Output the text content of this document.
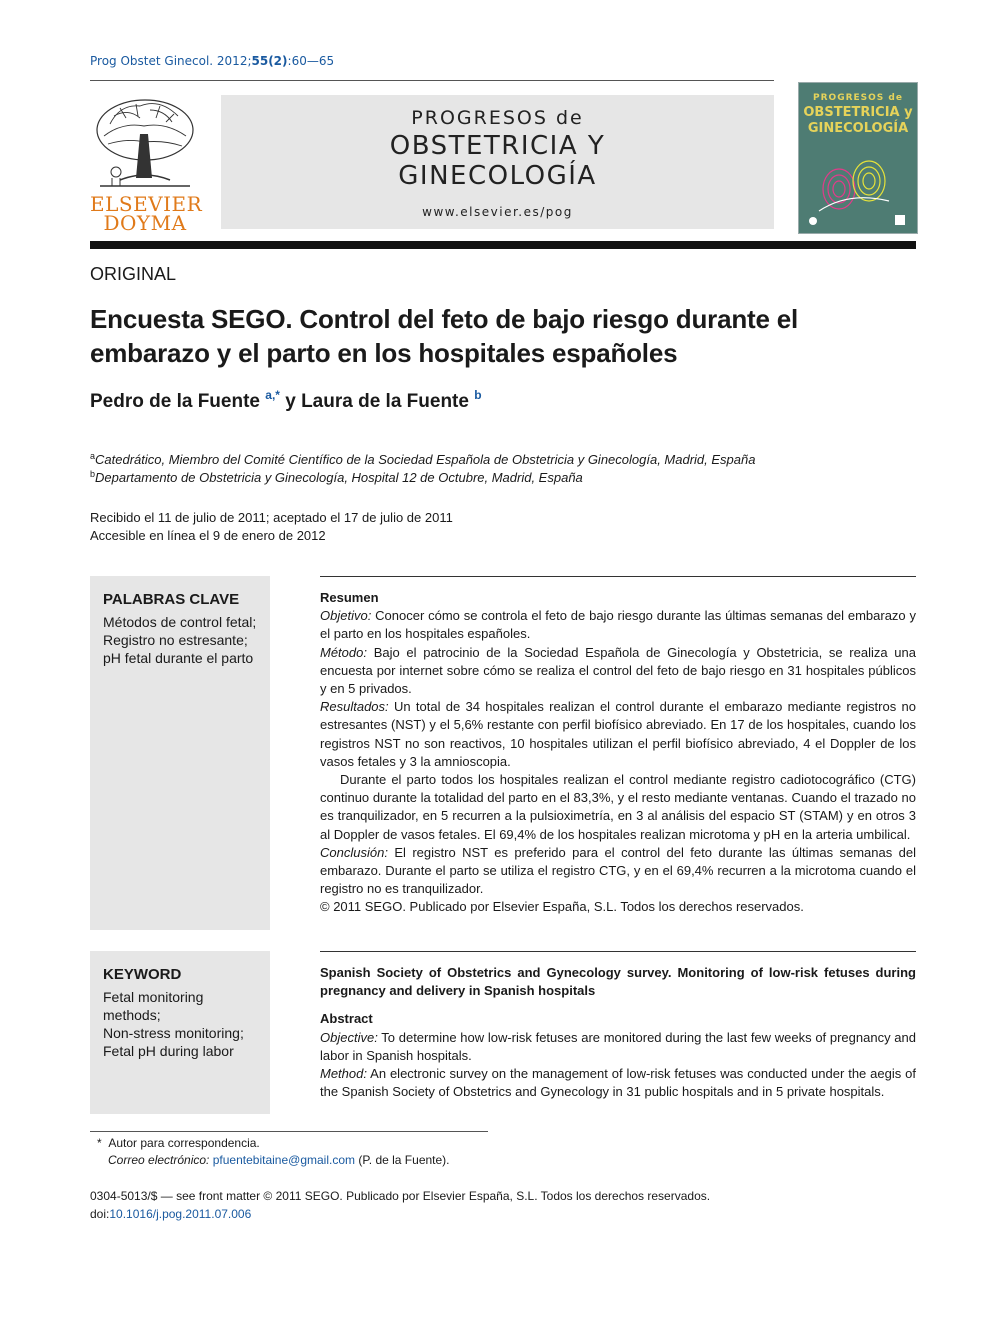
Prog Obstet Ginecol. 2012;55(2):60—65
ELSEVIER
DOYMA
PROGRESOS de
OBSTETRICIA Y
GINECOLOGÍA
www.elsevier.es/pog
PROGRESOS de
OBSTETRICIA y
GINECOLOGÍA
ORIGINAL
Encuesta SEGO. Control del feto de bajo riesgo durante el embarazo y el parto en los hospitales españoles
Pedro de la Fuente $^{a,*}$ y Laura de la Fuente $^b$
$^a$Catedrático, Miembro del Comité Científico de la Sociedad Española de Obstetricia y Ginecología, Madrid, España
$^b$Departamento de Obstetricia y Ginecología, Hospital 12 de Octubre, Madrid, España
Recibido el 11 de julio de 2011; aceptado el 17 de julio de 2011
Accesible en línea el 9 de enero de 2012
PALABRAS CLAVE
Métodos de control fetal;
Registro no estresante;
pH fetal durante el parto
KEYWORD
Fetal monitoring methods;
Non-stress monitoring;
Fetal pH during labor

Resumen

Objetivo: Conocer cómo se controla el feto de bajo riesgo durante las últimas semanas del embarazo y el parto en los hospitales españoles.

Método: Bajo el patrocinio de la Sociedad Española de Ginecología y Obstetricia, se realiza una encuesta por internet sobre cómo se realiza el control del feto de bajo riesgo en 31 hospitales públicos y en 5 privados.

Resultados: Un total de 34 hospitales realizan el control durante el embarazo mediante registros no estresantes (NST) y el 5,6% restante con perfil biofísico abreviado. En 17 de los hospitales, cuando los registros NST no son reactivos, 10 hospitales utilizan el perfil biofísico abreviado, 4 el Doppler de los vasos fetales y 3 la amnioscopia.

Durante el parto todos los hospitales realizan el control mediante registro cadiotocográfico (CTG) continuo durante la totalidad del parto en el 83,3%, y el resto mediante ventanas. Cuando el trazado no es tranquilizador, en 5 recurren a la pulsioximetría, en 3 al análisis del espacio ST (STAM) y en otros 3 al Doppler de vasos fetales. El 69,4% de los hospitales realizan microtoma y pH en la arteria umbilical.

Conclusión: El registro NST es preferido para el control del feto durante las últimas semanas del embarazo. Durante el parto se utiliza el registro CTG, y en el 69,4% recurren a la microtoma cuando el registro no es tranquilizador.

© 2011 SEGO. Publicado por Elsevier España, S.L. Todos los derechos reservados.

Spanish Society of Obstetrics and Gynecology survey. Monitoring of low-risk fetuses during pregnancy and delivery in Spanish hospitals

Abstract

Objective: To determine how low-risk fetuses are monitored during the last few weeks of pregnancy and labor in Spanish hospitals.

Method: An electronic survey on the management of low-risk fetuses was conducted under the aegis of the Spanish Society of Obstetrics and Gynecology in 31 public hospitals and in 5 private hospitals.

* Autor para correspondencia.
Correo electrónico: pfuentebitaine@gmail.com (P. de la Fuente).
0304-5013/$ — see front matter © 2011 SEGO. Publicado por Elsevier España, S.L. Todos los derechos reservados.
doi:10.1016/j.pog.2011.07.006
